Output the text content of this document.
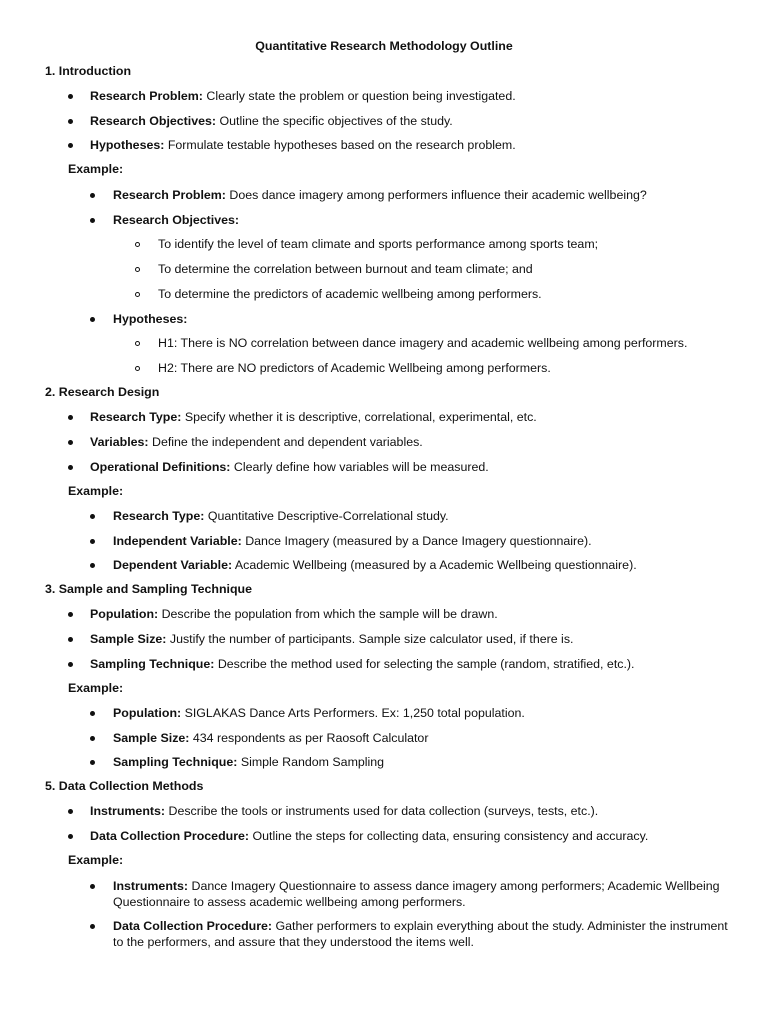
Quantitative Research Methodology Outline
1. Introduction
Research Problem: Clearly state the problem or question being investigated.
Research Objectives: Outline the specific objectives of the study.
Hypotheses: Formulate testable hypotheses based on the research problem.
Example:
Research Problem: Does dance imagery among performers influence their academic wellbeing?
Research Objectives:
To identify the level of team climate and sports performance among sports team;
To determine the correlation between burnout and team climate; and
To determine the predictors of academic wellbeing among performers.
Hypotheses:
H1: There is NO correlation between dance imagery and academic wellbeing among performers.
H2: There are NO predictors of Academic Wellbeing among performers.
2. Research Design
Research Type: Specify whether it is descriptive, correlational, experimental, etc.
Variables: Define the independent and dependent variables.
Operational Definitions: Clearly define how variables will be measured.
Example:
Research Type: Quantitative Descriptive-Correlational study.
Independent Variable: Dance Imagery (measured by a Dance Imagery questionnaire).
Dependent Variable: Academic Wellbeing (measured by a Academic Wellbeing questionnaire).
3. Sample and Sampling Technique
Population: Describe the population from which the sample will be drawn.
Sample Size: Justify the number of participants. Sample size calculator used, if there is.
Sampling Technique: Describe the method used for selecting the sample (random, stratified, etc.).
Example:
Population: SIGLAKAS Dance Arts Performers. Ex: 1,250 total population.
Sample Size: 434 respondents as per Raosoft Calculator
Sampling Technique: Simple Random Sampling
5. Data Collection Methods
Instruments: Describe the tools or instruments used for data collection (surveys, tests, etc.).
Data Collection Procedure: Outline the steps for collecting data, ensuring consistency and accuracy.
Example:
Instruments: Dance Imagery Questionnaire to assess dance imagery among performers; Academic Wellbeing Questionnaire to assess academic wellbeing among performers.
Data Collection Procedure: Gather performers to explain everything about the study. Administer the instrument to the performers, and assure that they understood the items well.
